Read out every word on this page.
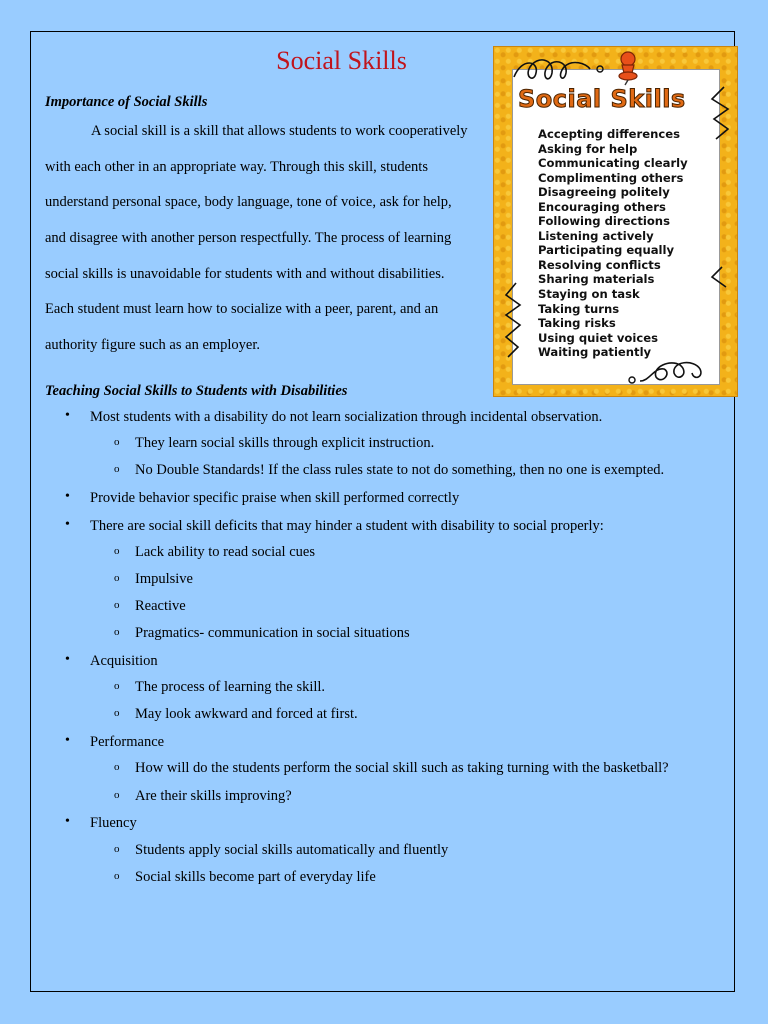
Social Skills
Importance of Social Skills
A social skill is a skill that allows students to work cooperatively
with each other in an appropriate way. Through this skill, students
understand personal space, body language, tone of voice, ask for help,
and disagree with another person respectfully. The process of learning
social skills is unavoidable for students with and without disabilities.
Each student must learn how to socialize with a peer, parent, and an
authority figure such as an employer.
Teaching Social Skills to Students with Disabilities
• Most students with a disability do not learn socialization through incidental observation.
o They learn social skills through explicit instruction.
o No Double Standards! If the class rules state to not do something, then no one is exempted.
• Provide behavior specific praise when skill performed correctly
• There are social skill deficits that may hinder a student with disability to social properly:
o Lack ability to read social cues
o Impulsive
o Reactive
o Pragmatics- communication in social situations
• Acquisition
o The process of learning the skill.
o May look awkward and forced at first.
• Performance
o How will do the students perform the social skill such as taking turning with the basketball?
o Are their skills improving?
• Fluency
o Students apply social skills automatically and fluently
o Social skills become part of everyday life
Social Skills
Accepting differences
Asking for help
Communicating clearly
Complimenting others
Disagreeing politely
Encouraging others
Following directions
Listening actively
Participating equally
Resolving conflicts
Sharing materials
Staying on task
Taking turns
Taking risks
Using quiet voices
Waiting patiently
